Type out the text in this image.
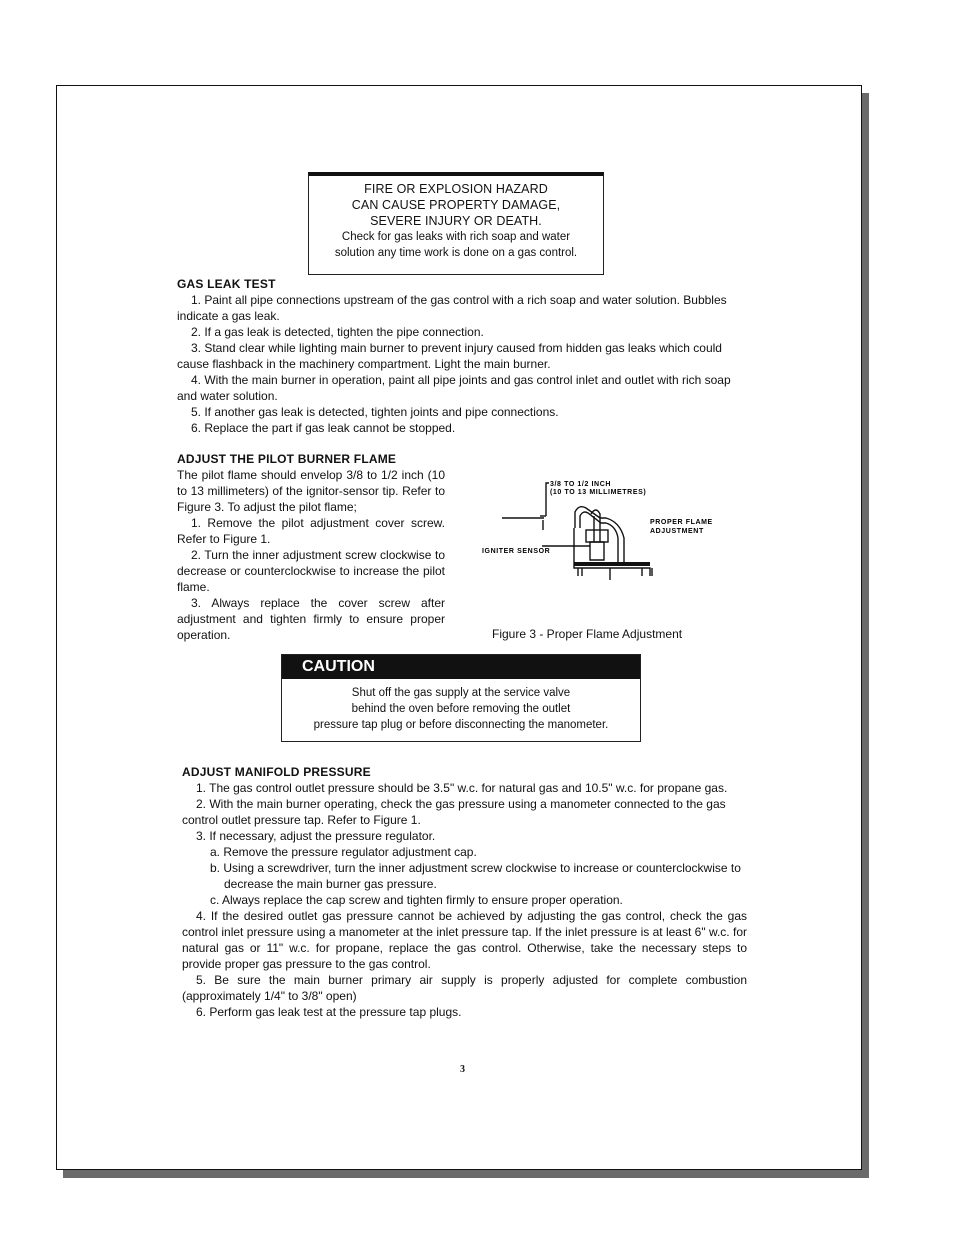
FIRE OR EXPLOSION HAZARD
CAN CAUSE PROPERTY DAMAGE,
SEVERE INJURY OR DEATH.
Check for gas leaks with rich soap and water
solution any time work is done on a gas control.
GAS LEAK TEST

1. Paint all pipe connections upstream of the gas control with a rich soap and water solution. Bubbles indicate a gas leak.

2. If a gas leak is detected, tighten the pipe connection.

3. Stand clear while lighting main burner to prevent injury caused from hidden gas leaks which could cause flashback in the machinery compartment. Light the main burner.

4. With the main burner in operation, paint all pipe joints and gas control inlet and outlet with rich soap and water solution.

5. If another gas leak is detected, tighten joints and pipe connections.

6. Replace the part if gas leak cannot be stopped.

ADJUST THE PILOT BURNER FLAME

The pilot flame should envelop 3/8 to 1/2 inch (10 to 13 millimeters) of the ignitor-sensor tip. Refer to Figure 3. To adjust the pilot flame;

1. Remove the pilot adjustment cover screw. Refer to Figure 1.

2. Turn the inner adjustment screw clockwise to decrease or counterclockwise to increase the pilot flame.

3. Always replace the cover screw after adjustment and tighten firmly to ensure proper operation.

3/8 TO 1/2 INCH
(10 TO 13 MILLIMETRES)
PROPER FLAME
ADJUSTMENT
IGNITER SENSOR
Figure 3 - Proper Flame Adjustment
CAUTION
Shut off the gas supply at the service valve
behind the oven before removing the outlet
pressure tap plug or before disconnecting the manometer.
ADJUST MANIFOLD PRESSURE

1. The gas control outlet pressure should be 3.5" w.c. for natural gas and 10.5" w.c. for propane gas.

2. With the main burner operating, check the gas pressure using a manometer connected to the gas control outlet pressure tap. Refer to Figure 1.

3. If necessary, adjust the pressure regulator.

a. Remove the pressure regulator adjustment cap.

b. Using a screwdriver, turn the inner adjustment screw clockwise to increase or counterclockwise to decrease the main burner gas pressure.

c. Always replace the cap screw and tighten firmly to ensure proper operation.

4. If the desired outlet gas pressure cannot be achieved by adjusting the gas control, check the gas control inlet pressure using a manometer at the inlet pressure tap. If the inlet pressure is at least 6" w.c. for natural gas or 11" w.c. for propane, replace the gas control. Otherwise, take the necessary steps to provide proper gas pressure to the gas control.

5. Be sure the main burner primary air supply is properly adjusted for complete combustion (approximately 1/4" to 3/8" open)

6. Perform gas leak test at the pressure tap plugs.

3
